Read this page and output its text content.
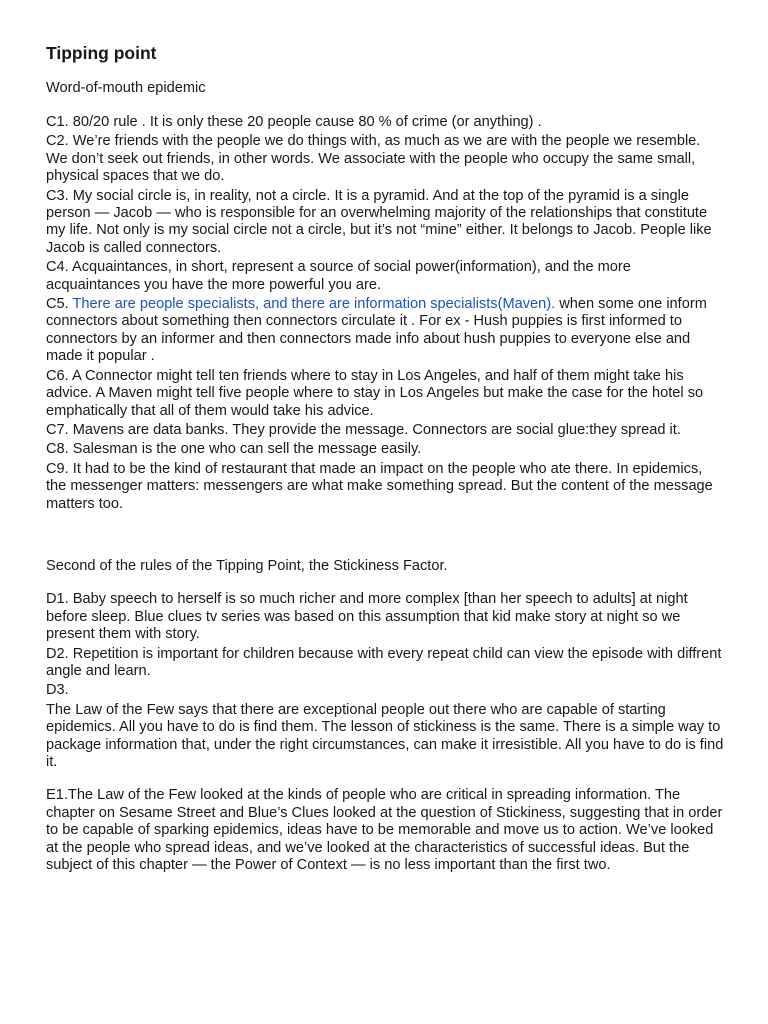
Tipping point
Word-of-mouth epidemic

C1. 80/20 rule . It is only these 20 people cause 80 % of crime (or anything) .

C2. We’re friends with the people we do things with, as much as we are with the people we resemble. We don’t seek out friends, in other words. We associate with the people who occupy the same small, physical spaces that we do.

C3. My social circle is, in reality, not a circle. It is a pyramid. And at the top of the pyramid is a single person — Jacob — who is responsible for an overwhelming majority of the relationships that constitute my life. Not only is my social circle not a circle, but it’s not “mine” either. It belongs to Jacob. People like Jacob is called connectors.

C4. Acquaintances, in short, represent a source of social power(information), and the more acquaintances you have the more powerful you are.

C5. There are people specialists, and there are information specialists(Maven). when some one inform connectors about something then connectors circulate it . For ex - Hush puppies is first informed to connectors by an informer and then connectors made info about hush puppies to everyone else and made it popular .

C6. A Connector might tell ten friends where to stay in Los Angeles, and half of them might take his advice. A Maven might tell five people where to stay in Los Angeles but make the case for the hotel so emphatically that all of them would take his advice.

C7. Mavens are data banks. They provide the message. Connectors are social glue:they spread it.

C8. Salesman is the one who can sell the message easily.

C9. It had to be the kind of restaurant that made an impact on the people who ate there. In epidemics, the messenger matters: messengers are what make something spread. But the content of the message matters too.

Second of the rules of the Tipping Point, the Stickiness Factor.

D1. Baby speech to herself is so much richer and more complex [than her speech to adults] at night before sleep. Blue clues tv series was based on this assumption that kid make story at night so we present them with story.

D2. Repetition is important for children because with every repeat child can view the episode with diffrent angle and learn.

D3.

The Law of the Few says that there are exceptional people out there who are capable of starting epidemics. All you have to do is find them. The lesson of stickiness is the same. There is a simple way to package information that, under the right circumstances, can make it irresistible. All you have to do is find it.

E1.The Law of the Few looked at the kinds of people who are critical in spreading information. The chapter on Sesame Street and Blue’s Clues looked at the question of Stickiness, suggesting that in order to be capable of sparking epidemics, ideas have to be memorable and move us to action. We’ve looked at the people who spread ideas, and we’ve looked at the characteristics of successful ideas. But the subject of this chapter — the Power of Context — is no less important than the first two.
